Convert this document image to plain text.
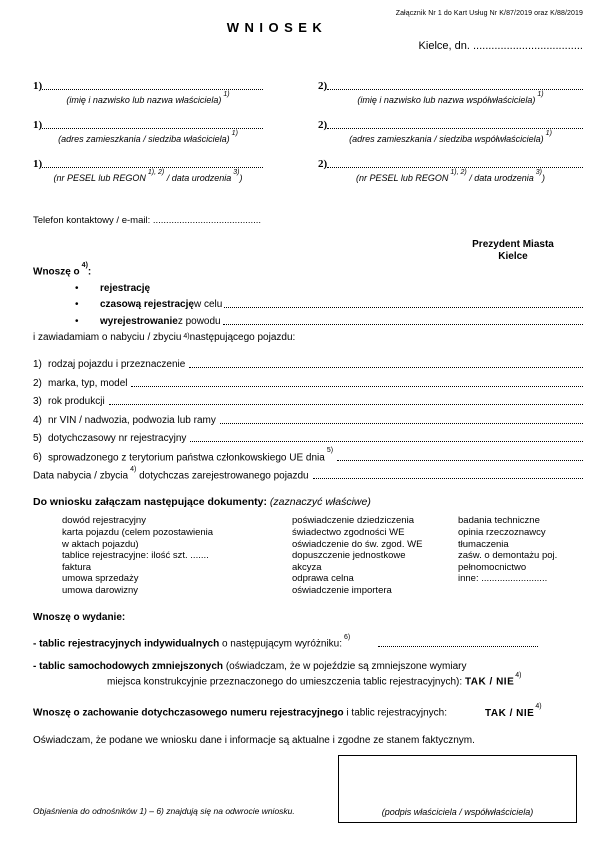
Załącznik Nr 1 do Kart Usług Nr K/87/2019 oraz K/88/2019
WNIOSEK
Kielce, dn. ....................................
1)
(imię i nazwisko lub nazwa właściciela)$^{1)}$
2)
(imię i nazwisko lub nazwa współwłaściciela)$^{1)}$
1)
(adres zamieszkania / siedziba właściciela)$^{1)}$
2)
(adres zamieszkania / siedziba współwłaściciela)$^{1)}$
1)
(nr PESEL lub $REGON^{1), 2)}$ / data urodzenia$^{3)}$)
2)
(nr PESEL lub $REGON^{1), 2)}$ / data urodzenia$^{3)}$)
Telefon kontaktowy / e-mail: .........................................
Prezydent Miasta
Kielce
Wnoszę $o^{4)}$:
•	rejestrację
•	czasową rejestrację w celu
•	wyrejestrowanie z powodu
i zawiadamiam o nabyciu / zbyciu $^{4)}$ następującego pojazdu:
1) rodzaj pojazdu i przeznaczenie
2) marka, typ, model
3) rok produkcji
4) nr VIN / nadwozia, podwozia lub ramy
5) dotychczasowy nr rejestracyjny
6) sprowadzonego z terytorium państwa członkowskiego UE dnia$^{5)}$
Data nabycia / zbycia$^{4)}$ dotychczas zarejestrowanego pojazdu
Do wniosku załączam następujące dokumenty: (zaznaczyć właściwe)
dowód rejestracyjny
karta pojazdu (celem pozostawienia
w aktach pojazdu)
tablice rejestracyjne: ilość szt. .......
faktura
umowa sprzedaży
umowa darowizny
poświadczenie dziedziczenia
świadectwo zgodności WE
oświadczenie do św. zgod. WE
dopuszczenie jednostkowe
akcyza
odprawa celna
oświadczenie importera
badania techniczne
opinia rzeczoznawcy
tłumaczenia
zaśw. o demontażu poj.
pełnomocnictwo
inne: .........................
Wnoszę o wydanie:
- tablic rejestracyjnych indywidualnych o następującym wyróżniku:$^{6)}$
- tablic samochodowych zmniejszonych (oświadczam, że w pojeździe są zmniejszone wymiary
miejsca konstrukcyjnie przeznaczonego do umieszczenia tablic rejestracyjnych): TAK / NIE$^{4)}$
Wnoszę o zachowanie dotychczasowego numeru rejestracyjnego i tablic rejestracyjnych:	TAK / NIE$^{4)}$
Oświadczam, że podane we wniosku dane i informacje są aktualne i zgodne ze stanem faktycznym.
Objaśnienia do odnośników 1) – 6) znajdują się na odwrocie wniosku.	(podpis właściciela / współwłaściciela)
